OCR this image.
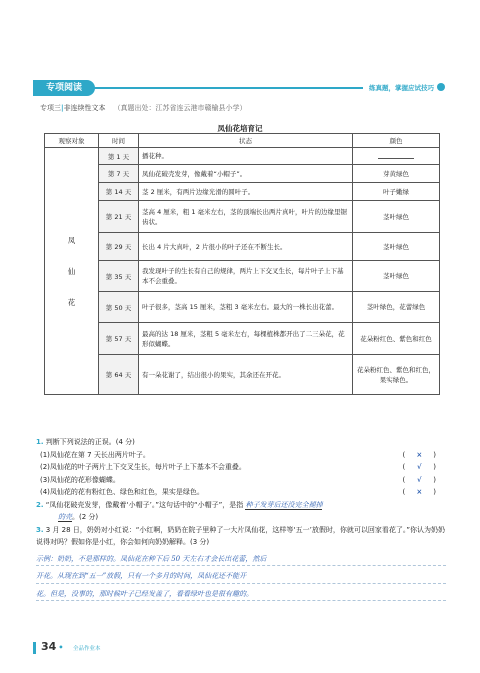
专项阅读	练真题，掌握应试技巧
专项三|非连续性文本 （真题出处：江苏省连云港市赣榆县小学）
凤仙花培育记
观察对象	时间	状态	颜色

凤
仙
花	第 1 天	播花种。	
	第 7 天	凤仙花破壳发芽，像戴着“小帽子”。	芽黄绿色
	第 14 天	茎 2 厘米，有两片边缘光滑的圆叶子。	叶子嫩绿
	第 21 天	茎高 4 厘米，粗 1 毫米左右，茎的顶端长出两片真叶，叶片的边缘里锯齿状。	茎叶绿色
	第 29 天	长出 4 片大真叶，2 片很小的叶子还在不断生长。	茎叶绿色
	第 35 天	我发现叶子的生长有自己的规律，两片上下交叉生长，每片叶子上下基本不会重叠。	茎叶绿色
	第 50 天	叶子很多，茎高 15 厘米，茎粗 3 毫米左右。最大的一株长出花蕾。	茎叶绿色，花蕾绿色
	第 57 天	最高的达 18 厘米，茎粗 5 毫米左右，每棵植株都开出了二三朵花，花形似蝴蝶。	花朵粉红色、紫色和红色
	第 64 天	有一朵花谢了，结出很小的果实，其余还在开花。	花朵粉红色、紫色和红色，果实绿色。
1. 判断下列说法的正误。(4 分)
(1)凤仙花在第 7 天长出两片叶子。	( × )
(2)凤仙花的叶子两片上下交叉生长，每片叶子上下基本不会重叠。	( √ )
(3)凤仙花的花形像蝴蝶。	( √ )
(4)凤仙花的花有粉红色、绿色和红色，果实是绿色。	( × )
2. “凤仙花破壳发芽，像戴着‘小帽子’。”这句话中的“小帽子”，是指 种子发芽后还没完全褪掉
的壳。(2 分)
3. 3 月 28 日，奶奶对小红说：“小红啊，奶奶在院子里种了一大片凤仙花，这样等‘五一’放假时，你就可以回家看花了。”你认为奶奶说得对吗？假如你是小红，你会如何向奶奶解释。(3 分)
示例：奶奶，不是那样的。凤仙花在种下后 50 天左右才会长出花蕾，然后
开花。从现在到“五一”放假，只有一个多月的时间，凤仙花还不能开
花。但是，没事的，那时候叶子已经发盖了，看看绿叶也是很有趣的。
34 • 全品作业本
